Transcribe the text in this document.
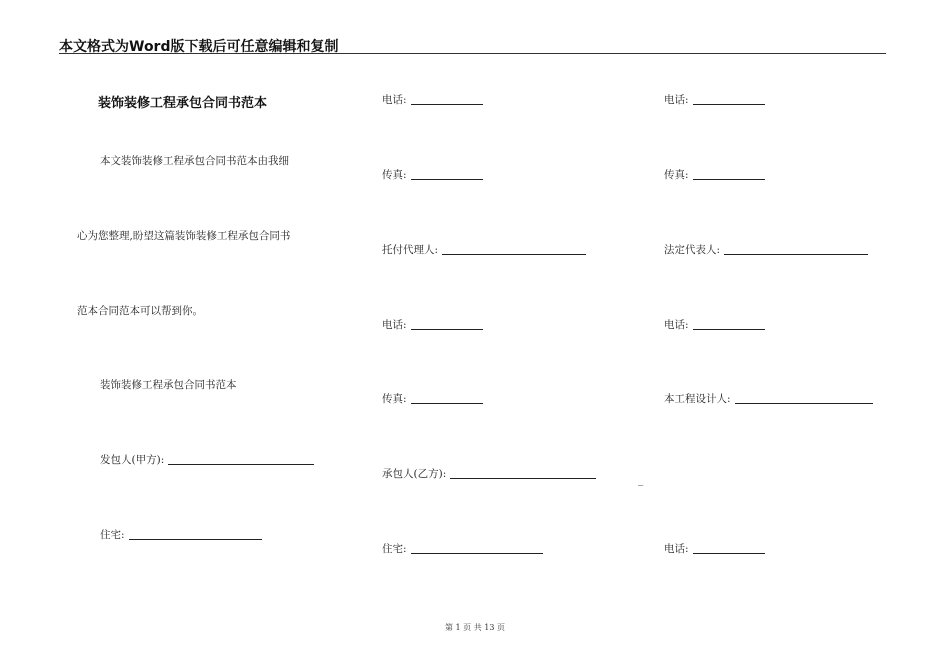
本文格式为Word版下载后可任意编辑和复制
装饰装修工程承包合同书范本
本文装饰装修工程承包合同书范本由我细
心为您整理,盼望这篇装饰装修工程承包合同书
范本合同范本可以帮到你。
装饰装修工程承包合同书范本
发包人(甲方):
住宅:
电话:
传真:
托付代理人:
电话:
传真:
承包人(乙方):	_
住宅:
电话:
传真:
法定代表人:
电话:
本工程设计人:
电话:
第 1 页 共 13 页
